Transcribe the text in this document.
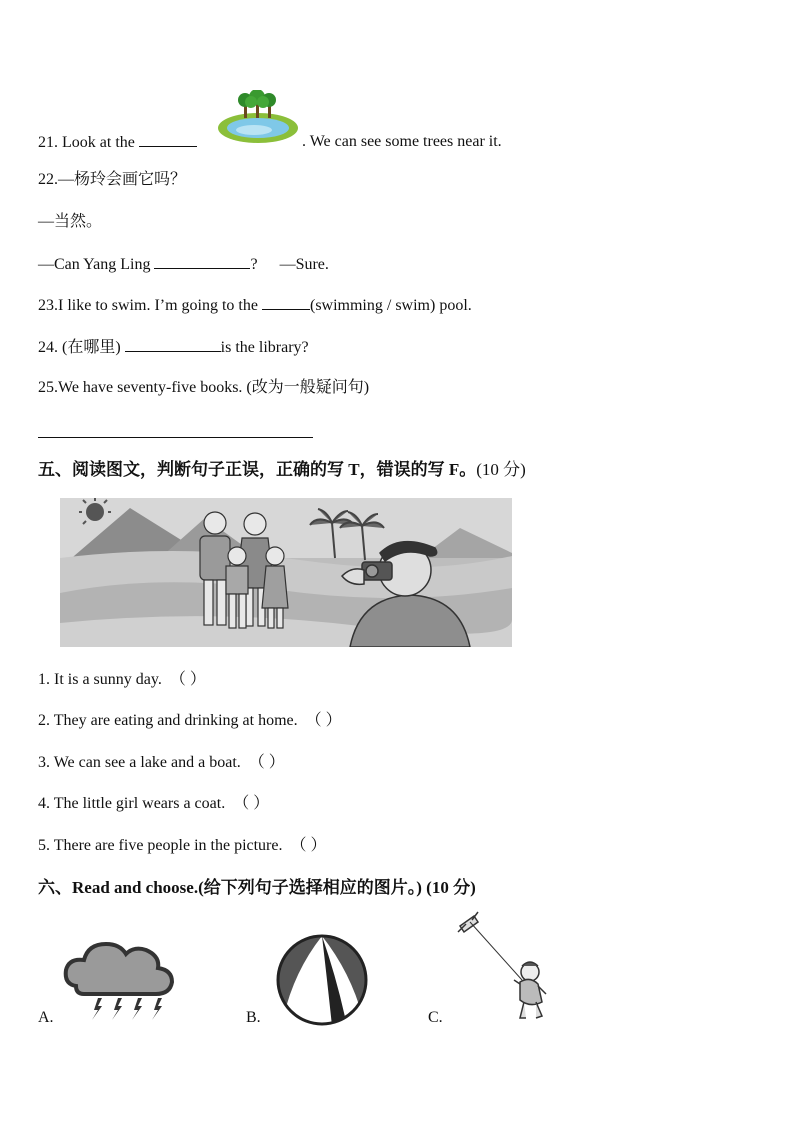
21. Look at the	. We can see some trees near it.
22.—杨玲会画它吗？
—当然。
—Can Yang Ling	? —Sure.
23.I like to swim. I’m going to the	(swimming / swim) pool.
24. (在哪里)	is the library?
25.We have seventy-five books. (改为一般疑问句)
五、阅读图文，判断句子正误，正确的写 T，错误的写 F。(10 分)
1. It is a sunny day. （ ）
2. They are eating and drinking at home. （ ）
3. We can see a lake and a boat. （ ）
4. The little girl wears a coat. （ ）
5. There are five people in the picture. （ ）
六、Read and choose.(给下列句子选择相应的图片。) (10 分)
A.	B.	C.
